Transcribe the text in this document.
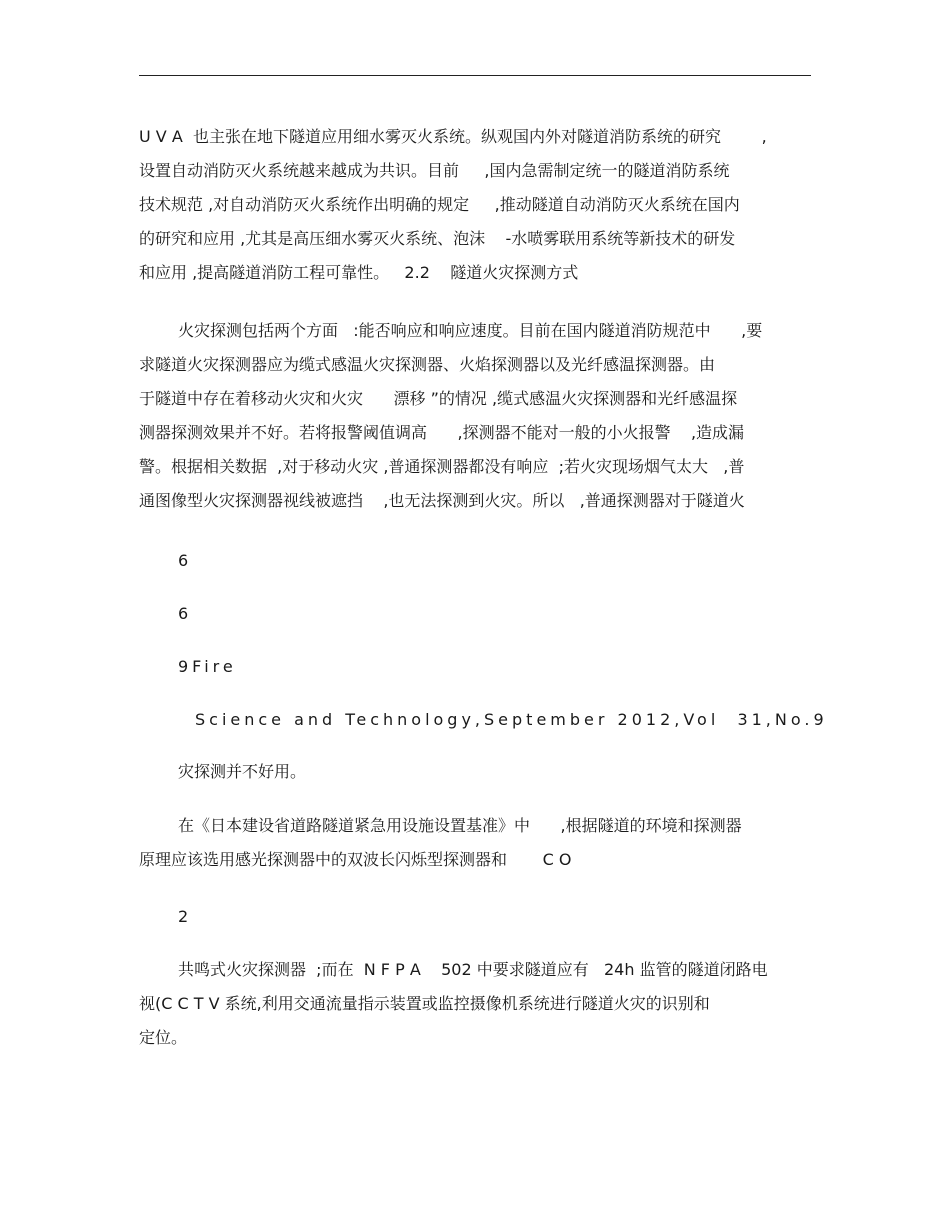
U V A  也主张在地下隧道应用细水雾灭火系统。纵观国内外对隧道消防系统的研究        ,
设置自动消防灭火系统越来越成为共识。目前     ,国内急需制定统一的隧道消防系统
技术规范 ,对自动消防灭火系统作出明确的规定     ,推动隧道自动消防灭火系统在国内
的研究和应用 ,尤其是高压细水雾灭火系统、泡沫    -水喷雾联用系统等新技术的研发
和应用 ,提高隧道消防工程可靠性。   2.2    隧道火灾探测方式
火灾探测包括两个方面   :能否响应和响应速度。目前在国内隧道消防规范中      ,要
求隧道火灾探测器应为缆式感温火灾探测器、火焰探测器以及光纤感温探测器。由
于隧道中存在着移动火灾和火灾      漂移 ”的情况 ,缆式感温火灾探测器和光纤感温探
测器探测效果并不好。若将报警阈值调高      ,探测器不能对一般的小火报警    ,造成漏
警。根据相关数据  ,对于移动火灾 ,普通探测器都没有响应  ;若火灾现场烟气太大   ,普
通图像型火灾探测器视线被遮挡    ,也无法探测到火灾。所以   ,普通探测器对于隧道火
6
6
9Fire
Science and Technology,September 2012,Vol  31,No.9
灾探测并不好用。
在《日本建设省道路隧道紧急用设施设置基准》中      ,根据隧道的环境和探测器
原理应该选用感光探测器中的双波长闪烁型探测器和       C O
2
共鸣式火灾探测器  ;而在  N F P A    502 中要求隧道应有   24h 监管的隧道闭路电
视(C C T V 系统,利用交通流量指示装置或监控摄像机系统进行隧道火灾的识别和
定位。
